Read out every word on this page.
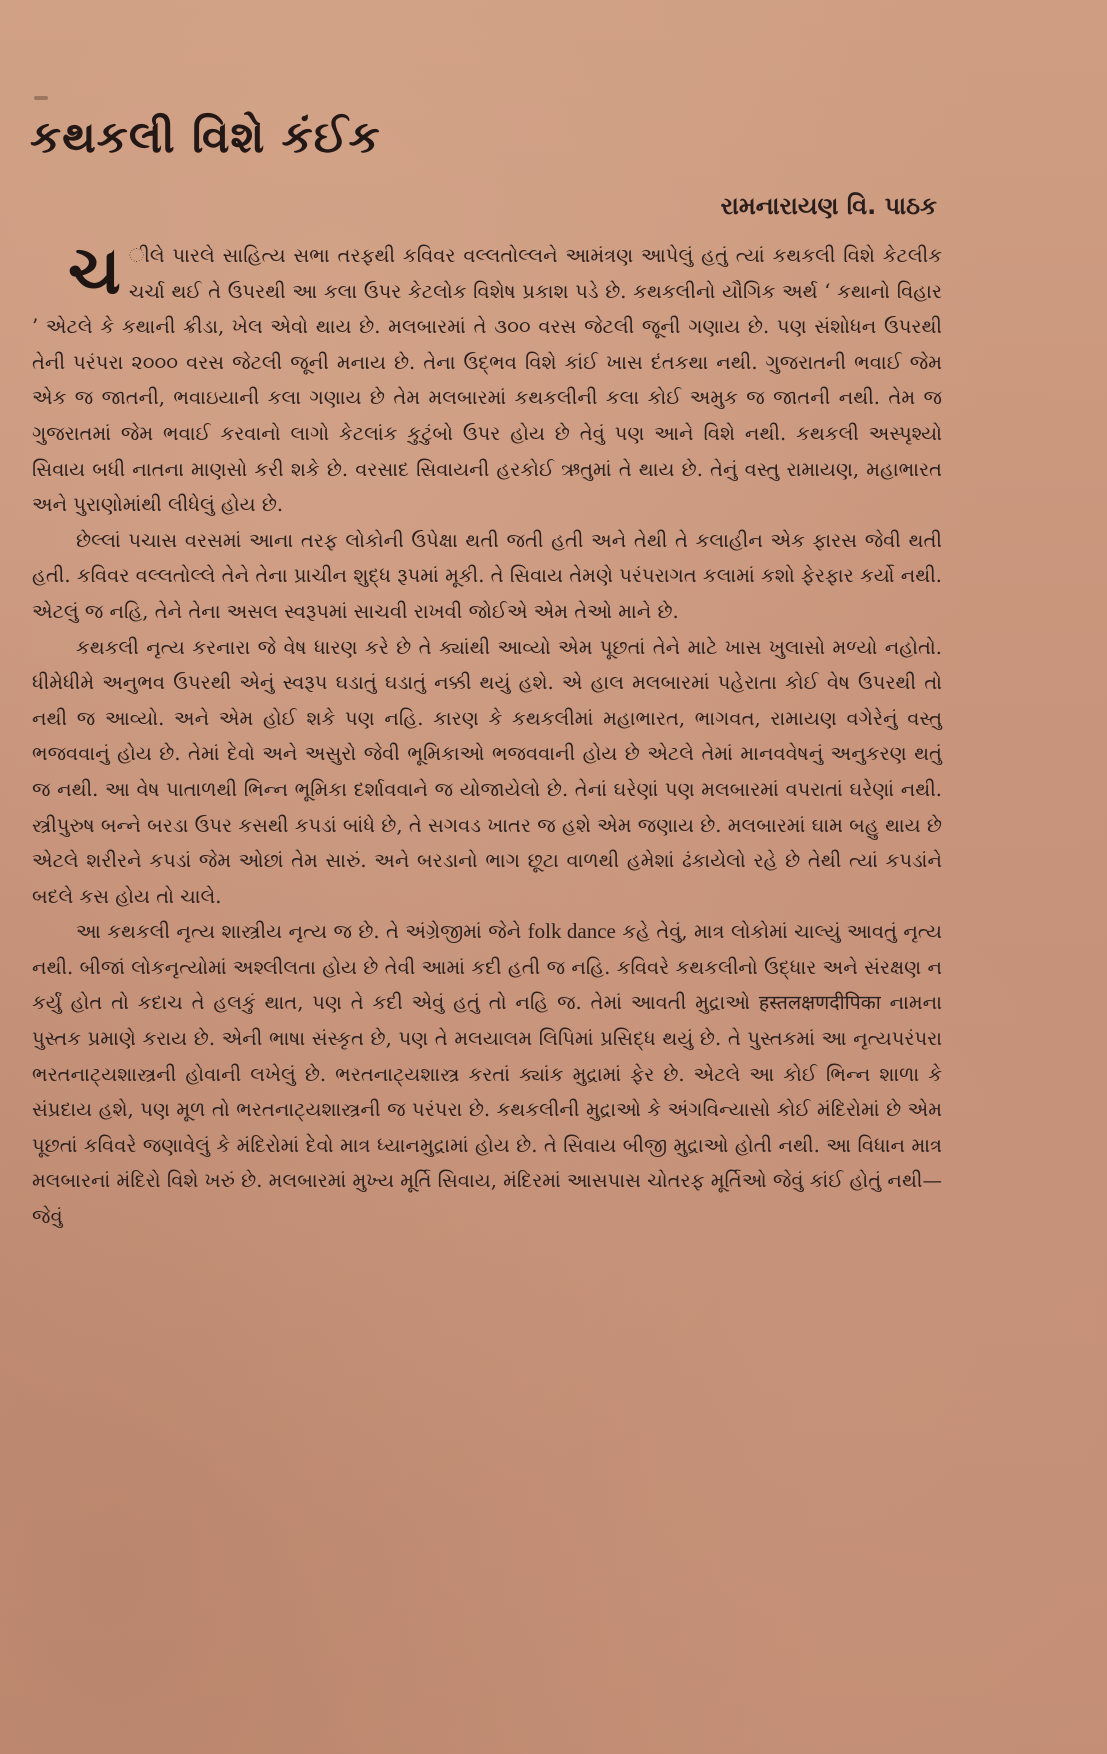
કથકલી વિશે કંઈક
રામનારાયણ વિ. પાઠક

ચ ીલે પારલે સાહિત્ય સભા તરફથી કવિવર વલ્લતોલ્લને આમંત્રણ આપેલું હતું ત્યાં કથકલી વિશે કેટલીક ચર્ચા થઈ તે ઉપરથી આ કલા ઉપર કેટલોક વિશેષ પ્રકાશ પડે છે. કથકલીનો યૌગિક અર્થ ‘ કથાનો વિહાર ’ એટલે કે કથાની ક્રીડા, ખેલ એવો થાય છે. મલબારમાં તે ૩૦૦ વરસ જેટલી જૂની ગણાય છે. પણ સંશોધન ઉપરથી તેની પરંપરા ૨૦૦૦ વરસ જેટલી જૂની મનાય છે. તેના ઉદ્ભવ વિશે કાંઈ ખાસ દંતકથા નથી. ગુજરાતની ભવાઈ જેમ એક જ જાતની, ભવાઇયાની કલા ગણાય છે તેમ મલબારમાં કથકલીની કલા કોઈ અમુક જ જાતની નથી. તેમ જ ગુજરાતમાં જેમ ભવાઈ કરવાનો લાગો કેટલાંક કુટુંબો ઉપર હોય છે તેવું પણ આને વિશે નથી. કથકલી અસ્પૃશ્યો સિવાય બધી નાતના માણસો કરી શકે છે. વરસાદ સિવાયની હરકોઈ ઋતુમાં તે થાય છે. તેનું વસ્તુ રામાયણ, મહાભારત અને પુરાણોમાંથી લીધેલું હોય છે.

છેલ્લાં પચાસ વરસમાં આના તરફ લોકોની ઉપેક્ષા થતી જતી હતી અને તેથી તે કલાહીન એક ફારસ જેવી થતી હતી. કવિવર વલ્લતોલ્લે તેને તેના પ્રાચીન શુદ્ધ રૂપમાં મૂકી. તે સિવાય તેમણે પરંપરાગત કલામાં કશો ફેરફાર કર્યો નથી. એટલું જ નહિ, તેને તેના અસલ સ્વરૂપમાં સાચવી રાખવી જોઈએ એમ તેઓ માને છે.

કથકલી નૃત્ય કરનારા જે વેષ ધારણ કરે છે તે ક્યાંથી આવ્યો એમ પૂછતાં તેને માટે ખાસ ખુલાસો મળ્યો નહોતો. ધીમેધીમે અનુભવ ઉપરથી એનું સ્વરૂપ ઘડાતું ઘડાતું નક્કી થયું હશે. એ હાલ મલબારમાં પહેરાતા કોઈ વેષ ઉપરથી તો નથી જ આવ્યો. અને એમ હોઈ શકે પણ નહિ. કારણ કે કથકલીમાં મહાભારત, ભાગવત, રામાયણ વગેરેનું વસ્તુ ભજવવાનું હોય છે. તેમાં દેવો અને અસુરો જેવી ભૂમિકાઓ ભજવવાની હોય છે એટલે તેમાં માનવવેષનું અનુકરણ થતું જ નથી. આ વેષ પાતાળથી ભિન્ન ભૂમિકા દર્શાવવાને જ યોજાયેલો છે. તેનાં ઘરેણાં પણ મલબારમાં વપરાતાં ઘરેણાં નથી. સ્ત્રીપુરુષ બન્ને બરડા ઉપર કસથી કપડાં બાંધે છે, તે સગવડ ખાતર જ હશે એમ જણાય છે. મલબારમાં ઘામ બહુ થાય છે એટલે શરીરને કપડાં જેમ ઓછાં તેમ સારું. અને બરડાનો ભાગ છૂટા વાળથી હમેશાં ઢંકાયેલો રહે છે તેથી ત્યાં કપડાંને બદલે કસ હોય તો ચાલે.

આ કથકલી નૃત્ય શાસ્ત્રીય નૃત્ય જ છે. તે અંગ્રેજીમાં જેને folk dance કહે તેવું, માત્ર લોકોમાં ચાલ્યું આવતું નૃત્ય નથી. બીજાં લોકનૃત્યોમાં અશ્લીલતા હોય છે તેવી આમાં કદી હતી જ નહિ. કવિવરે કથકલીનો ઉદ્ધાર અને સંરક્ષણ ન કર્યું હોત તો કદાચ તે હલકું થાત, પણ તે કદી એવું હતું તો નહિ જ. તેમાં આવતી મુદ્રાઓ हस्तलक्षणदीपिका નામના પુસ્તક પ્રમાણે કરાય છે. એની ભાષા સંસ્કૃત છે, પણ તે મલયાલમ લિપિમાં પ્રસિદ્ધ થયું છે. તે પુસ્તકમાં આ નૃત્યપરંપરા ભરતનાટ્યશાસ્ત્રની હોવાની લખેલું છે. ભરતનાટ્યશાસ્ત્ર કરતાં ક્યાંક મુદ્રામાં ફેર છે. એટલે આ કોઈ ભિન્ન શાળા કે સંપ્રદાય હશે, પણ મૂળ તો ભરતનાટ્યશાસ્ત્રની જ પરંપરા છે. કથકલીની મુદ્રાઓ કે અંગવિન્યાસો કોઈ મંદિરોમાં છે એમ પૂછતાં કવિવરે જણાવેલું કે મંદિરોમાં દેવો માત્ર ધ્યાનમુદ્રામાં હોય છે. તે સિવાય બીજી મુદ્રાઓ હોતી નથી. આ વિધાન માત્ર મલબારનાં મંદિરો વિશે ખરું છે. મલબારમાં મુખ્ય મૂર્તિ સિવાય, મંદિરમાં આસપાસ ચોતરફ મૂર્તિઓ જેવું કાંઈ હોતું નથી—જેવું
